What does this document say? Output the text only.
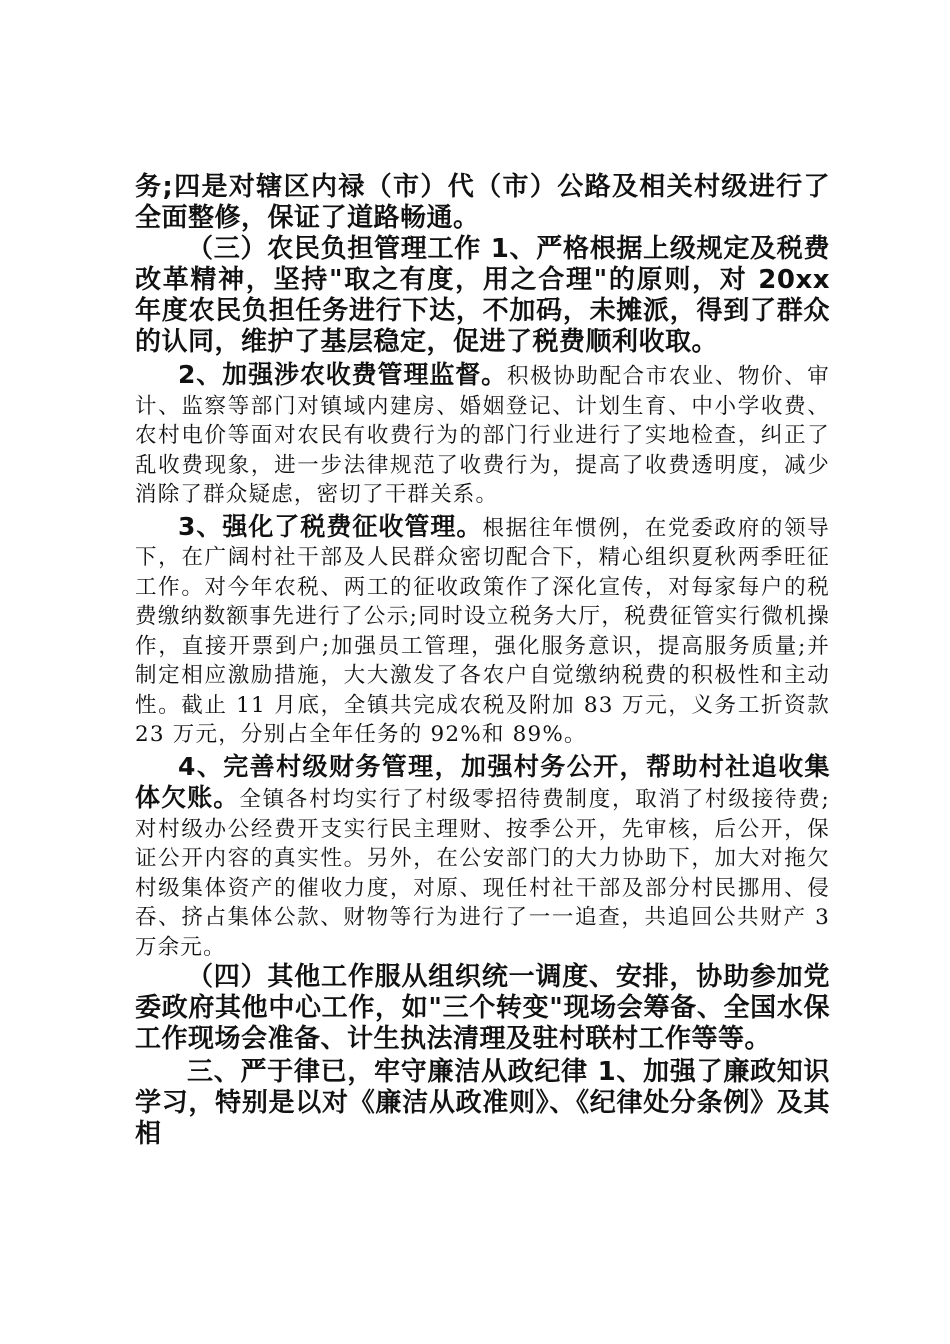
务;四是对辖区内禄（市）代（市）公路及相关村级进行了全面整修，保证了道路畅通。

（三）农民负担管理工作 1、严格根据上级规定及税费改革精神，坚持"取之有度，用之合理"的原则，对 20xx 年度农民负担任务进行下达，不加码，未摊派，得到了群众的认同，维护了基层稳定，促进了税费顺利收取。

2、加强涉农收费管理监督。积极协助配合市农业、物价、审计、监察等部门对镇域内建房、婚姻登记、计划生育、中小学收费、农村电价等面对农民有收费行为的部门行业进行了实地检查，纠正了乱收费现象，进一步法律规范了收费行为，提高了收费透明度，减少消除了群众疑虑，密切了干群关系。

3、强化了税费征收管理。根据往年惯例，在党委政府的领导下，在广阔村社干部及人民群众密切配合下，精心组织夏秋两季旺征工作。对今年农税、两工的征收政策作了深化宣传，对每家每户的税费缴纳数额事先进行了公示;同时设立税务大厅，税费征管实行微机操作，直接开票到户;加强员工管理，强化服务意识，提高服务质量;并制定相应激励措施，大大激发了各农户自觉缴纳税费的积极性和主动性。截止 11 月底，全镇共完成农税及附加 83 万元，义务工折资款 23 万元，分别占全年任务的 92%和 89%。

4、完善村级财务管理，加强村务公开，帮助村社追收集体欠账。全镇各村均实行了村级零招待费制度，取消了村级接待费;对村级办公经费开支实行民主理财、按季公开，先审核，后公开，保证公开内容的真实性。另外，在公安部门的大力协助下，加大对拖欠村级集体资产的催收力度，对原、现任村社干部及部分村民挪用、侵吞、挤占集体公款、财物等行为进行了一一追查，共追回公共财产 3 万余元。

（四）其他工作服从组织统一调度、安排，协助参加党委政府其他中心工作，如"三个转变"现场会筹备、全国水保工作现场会准备、计生执法清理及驻村联村工作等等。

三、严于律已，牢守廉洁从政纪律 1、加强了廉政知识学习，特别是以对《廉洁从政准则》、《纪律处分条例》及其相
